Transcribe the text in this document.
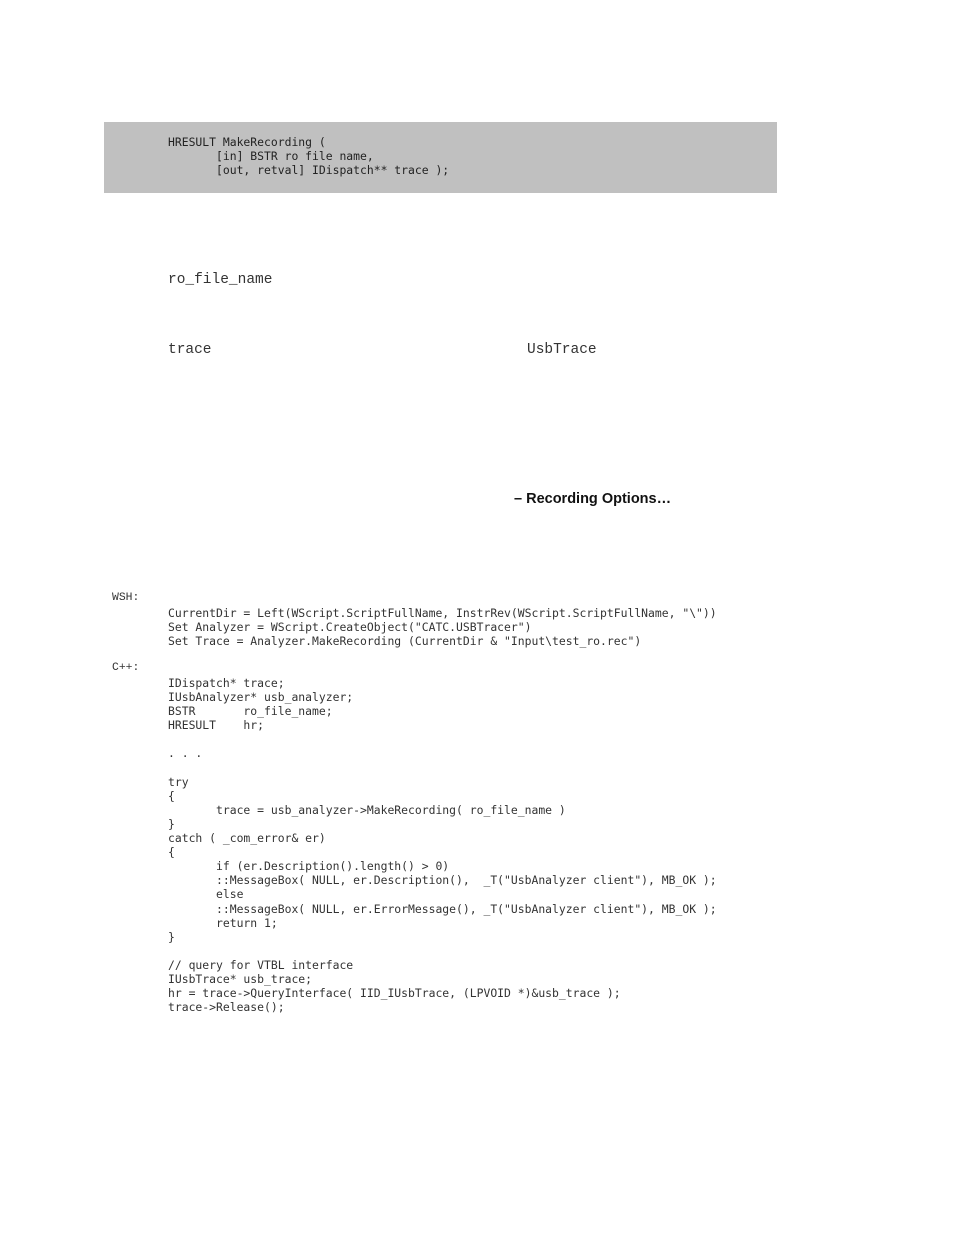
HRESULT MakeRecording (
[in] BSTR ro file name,
[out, retval] IDispatch** trace );
ro_file_name
trace	UsbTrace
– Recording Options…
WSH:
CurrentDir = Left(WScript.ScriptFullName, InstrRev(WScript.ScriptFullName, "\"))
Set Analyzer = WScript.CreateObject("CATC.USBTracer")
Set Trace = Analyzer.MakeRecording (CurrentDir & "Input\test_ro.rec")
C++:
IDispatch* trace;
IUsbAnalyzer* usb_analyzer;
BSTR       ro_file_name;
HRESULT    hr;
. . .
try
{
trace = usb_analyzer->MakeRecording( ro_file_name )
}
catch ( _com_error& er)
{
if (er.Description().length() > 0)
::MessageBox( NULL, er.Description(),  _T("UsbAnalyzer client"), MB_OK );
else
::MessageBox( NULL, er.ErrorMessage(), _T("UsbAnalyzer client"), MB_OK );
return 1;
}
// query for VTBL interface
IUsbTrace* usb_trace;
hr = trace->QueryInterface( IID_IUsbTrace, (LPVOID *)&usb_trace );
trace->Release();
